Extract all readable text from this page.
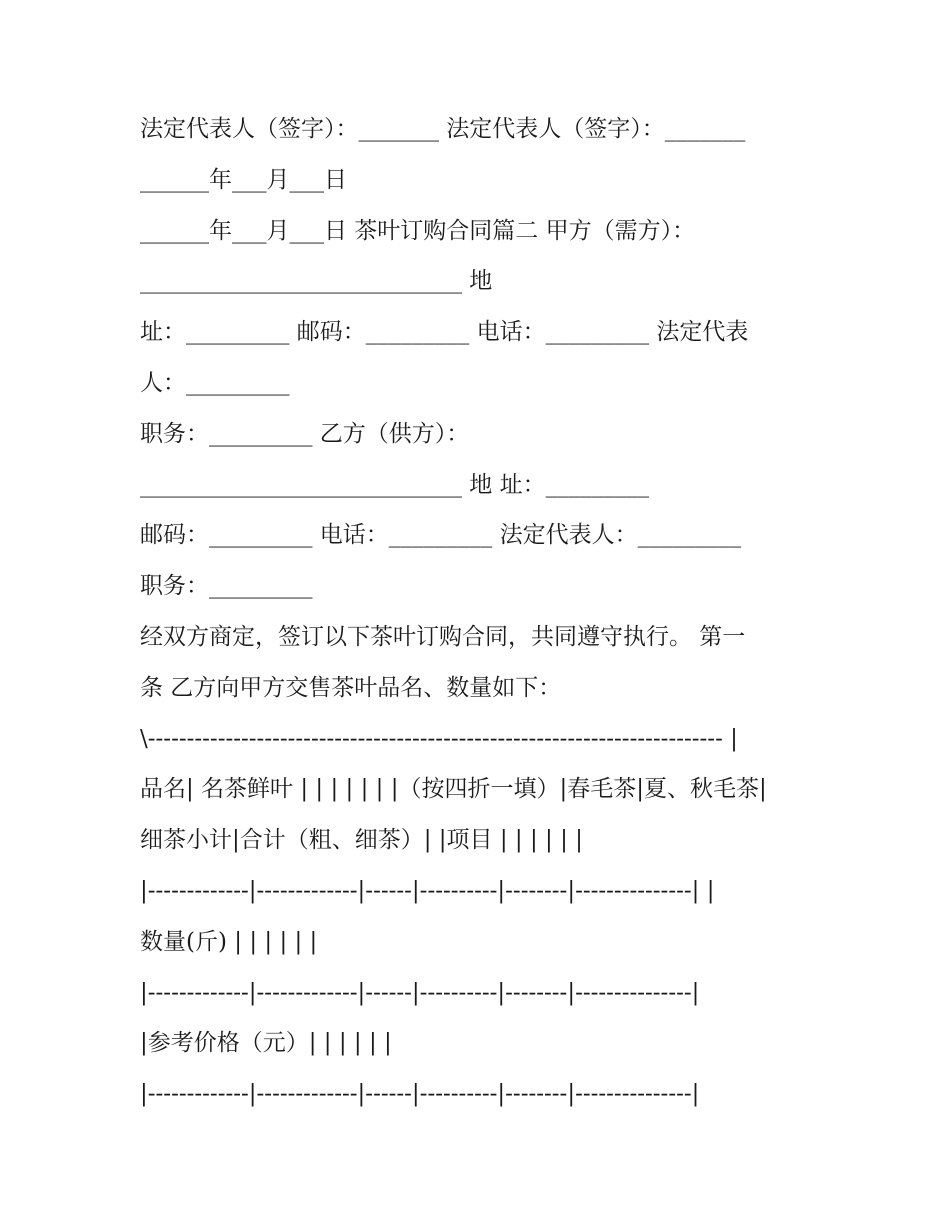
法定代表人（签字）：_______ 法定代表人（签字）：_______
______年___月___日
______年___月___日 茶叶订购合同篇二 甲方（需方）：
____________________________ 地
址：_________ 邮码：_________ 电话：_________ 法定代表
人：_________
职务：_________ 乙方（供方）：
____________________________ 地 址：_________
邮码：_________ 电话：_________ 法定代表人：_________
职务：_________
经双方商定，签订以下茶叶订购合同，共同遵守执行。 第一
条 乙方向甲方交售茶叶品名、数量如下：
\-------------------------------------------------------------------------- |
品名| 名茶鲜叶 | | | | | | |（按四折一填）|春毛茶|夏、秋毛茶|
细茶小计|合计（粗、细茶）| |项目 | | | | | |
|-------------|-------------|------|----------|--------|---------------| |
数量(斤) | | | | | |
|-------------|-------------|------|----------|--------|---------------|
|参考价格（元）| | | | | |
|-------------|-------------|------|----------|--------|---------------|
